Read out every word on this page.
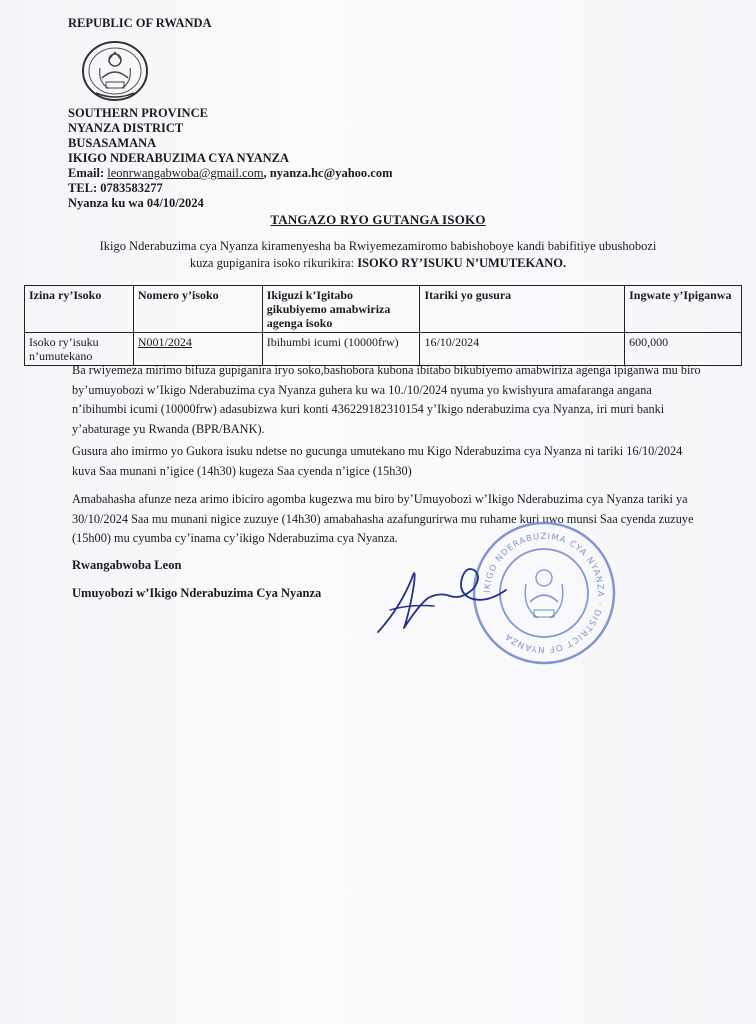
REPUBLIC OF RWANDA
SOUTHERN PROVINCE
NYANZA DISTRICT
BUSASAMANA
IKIGO NDERABUZIMA CYA NYANZA
Email: leonrwangabwoba@gmail.com, nyanza.hc@yahoo.com
TEL: 0783583277
Nyanza ku wa 04/10/2024
TANGAZO RYO GUTANGA ISOKO
Ikigo Nderabuzima cya Nyanza kiramenyesha ba Rwiyemezamiromo babishoboye kandi babifitiye ubushobozi
kuza gupiganira isoko rikurikira: ISOKO RY’ISUKU N’UMUTEKANO.
Izina ry’Isoko	Nomero y’isoko	Ikiguzi k’Igitabo gikubiyemo amabwiriza agenga isoko	Itariki yo gusura	Ingwate y’Ipiganwa
Isoko ry’isuku n’umutekano	N001/2024	Ibihumbi icumi (10000frw)	16/10/2024	600,000
Ba rwiyemeza mirimo bifuza gupiganira iryo soko,bashobora kubona ibitabo bikubiyemo amabwiriza agenga ipiganwa mu biro by’umuyobozi w’Ikigo Nderabuzima cya Nyanza guhera ku wa 10./10/2024 nyuma yo kwishyura amafaranga angana n’ibihumbi icumi (10000frw) adasubizwa kuri konti 436229182310154 y’Ikigo nderabuzima cya Nyanza, iri muri banki y’abaturage yu Rwanda (BPR/BANK).
Gusura aho imirmo yo Gukora isuku ndetse no gucunga umutekano mu Kigo Nderabuzima cya Nyanza ni tariki 16/10/2024 kuva Saa munani n’igice (14h30) kugeza Saa cyenda n’igice (15h30)
Amabahasha afunze neza arimo ibiciro agomba kugezwa mu biro by’Umuyobozi w’Ikigo Nderabuzima cya Nyanza tariki ya 30/10/2024 Saa mu munani nigice zuzuye (14h30) amabahasha azafungurirwa mu ruhame kuri uwo munsi Saa cyenda zuzuye (15h00) mu cyumba cy’inama cy’ikigo Nderabuzima cya Nyanza.
Rwangabwoba Leon
Umuyobozi w’Ikigo Nderabuzima Cya Nyanza	IKIGO NDERABUZIMA CYA NYANZA · DISTRICT OF NYANZA
